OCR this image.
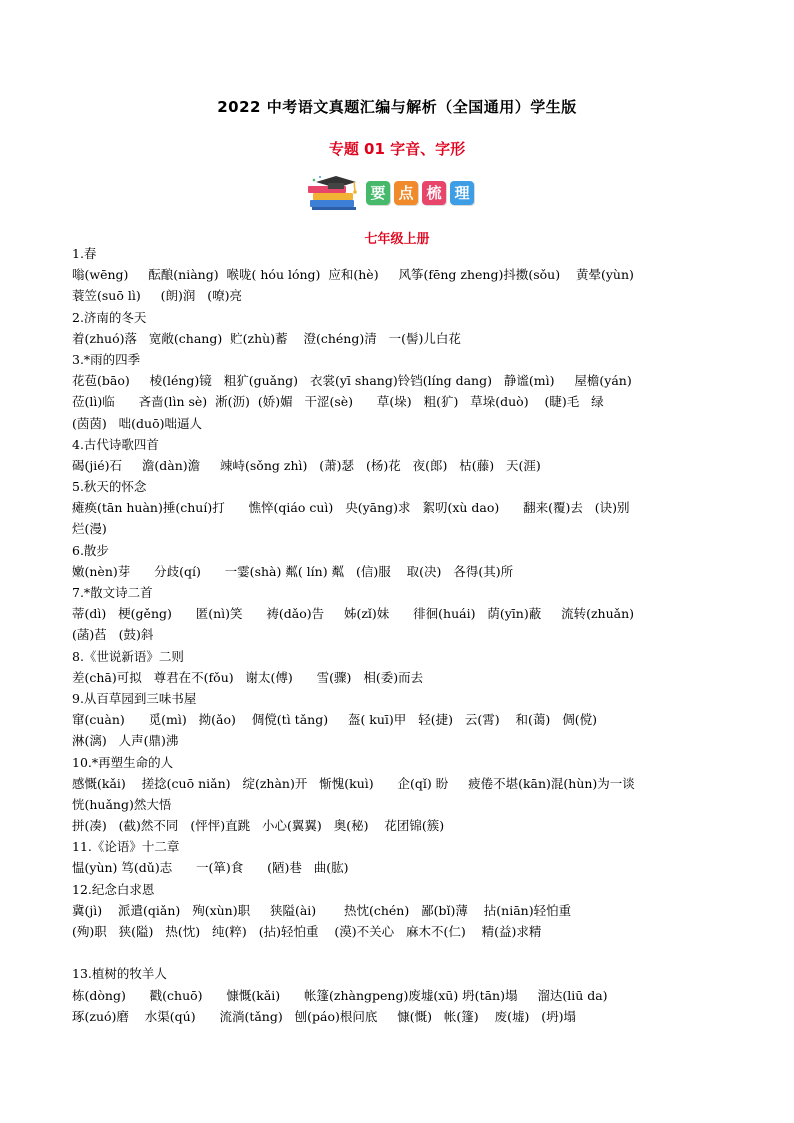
2022 中考语文真题汇编与解析（全国通用）学生版
专题 01 字音、字形
要 点 梳 理
七年级上册
1.春
嗡(wēng)     酝酿(niàng)  喉咙( hóu lóng)  应和(hè)     风筝(fēng zheng)抖擞(sǒu)    黄晕(yùn)
蓑笠(suō lì)     (朗)润   (嘹)亮
2.济南的冬天
着(zhuó)落   宽敞(chang)  贮(zhù)蓄    澄(chéng)清   一(髻)儿白花
3.*雨的四季
花苞(bāo)     棱(léng)镜   粗犷(guǎng)   衣裳(yī shang)铃铛(líng dang)   静谧(mì)     屋檐(yán)
莅(lì)临      吝啬(lìn sè)  淅(沥)  (娇)媚   干涩(sè)      草(垛)   粗(犷)   草垛(duò)    (睫)毛   绿
(茵茵)   咄(duō)咄逼人
4.古代诗歌四首
碣(jié)石     澹(dàn)澹     竦峙(sǒng zhì)   (萧)瑟   (杨)花   夜(郎)   枯(藤)   天(涯)
5.秋天的怀念
瘫痪(tān huàn)捶(chuí)打      憔悴(qiáo cuì)   央(yāng)求   絮叨(xù dao)      翻来(覆)去   (诀)别
烂(漫)
6.散步
嫩(nèn)芽      分歧(qí)      一霎(shà) 粼( lín) 粼   (信)服    取(决)   各得(其)所
7.*散文诗二首
蒂(dì)   梗(gěng)      匿(nì)笑      祷(dǎo)告     姊(zǐ)妹      徘徊(huái)   荫(yīn)蔽     流转(zhuǎn)
(菡)萏   (鼓)斜
8.《世说新语》二则
差(chā)可拟   尊君在不(fǒu)   谢太(傅)      雪(骤)   相(委)而去
9.从百草园到三味书屋
窜(cuàn)      觅(mì)   拗(ǎo)    倜傥(tì tǎng)     盔( kuī)甲   轻(捷)   云(霄)    和(蔼)   倜(傥)
淋(漓)   人声(鼎)沸
10.*再塑生命的人
感慨(kǎi)    搓捻(cuō niǎn)   绽(zhàn)开   惭愧(kuì)      企(qǐ) 盼     疲倦不堪(kān)混(hùn)为一谈
恍(huǎng)然大悟
拼(凑)   (截)然不同   (怦怦)直跳   小心(翼翼)   奥(秘)    花团锦(簇)
11.《论语》十二章
愠(yùn) 笃(dǔ)志      一(箪)食      (陋)巷   曲(肱)
12.纪念白求恩
冀(jì)    派遣(qiǎn)   殉(xùn)职     狭隘(ài)       热忱(chén)   鄙(bǐ)薄    拈(niān)轻怕重
(殉)职   狭(隘)   热(忱)   纯(粹)   (拈)轻怕重    (漠)不关心   麻木不(仁)    精(益)求精
13.植树的牧羊人
栋(dòng)      戳(chuō)      慷慨(kǎi)      帐篷(zhàngpeng)废墟(xū) 坍(tān)塌     溜达(liū da)
琢(zuó)磨    水渠(qú)      流淌(tǎng)   刨(páo)根问底     慷(慨)   帐(篷)    废(墟)   (坍)塌
